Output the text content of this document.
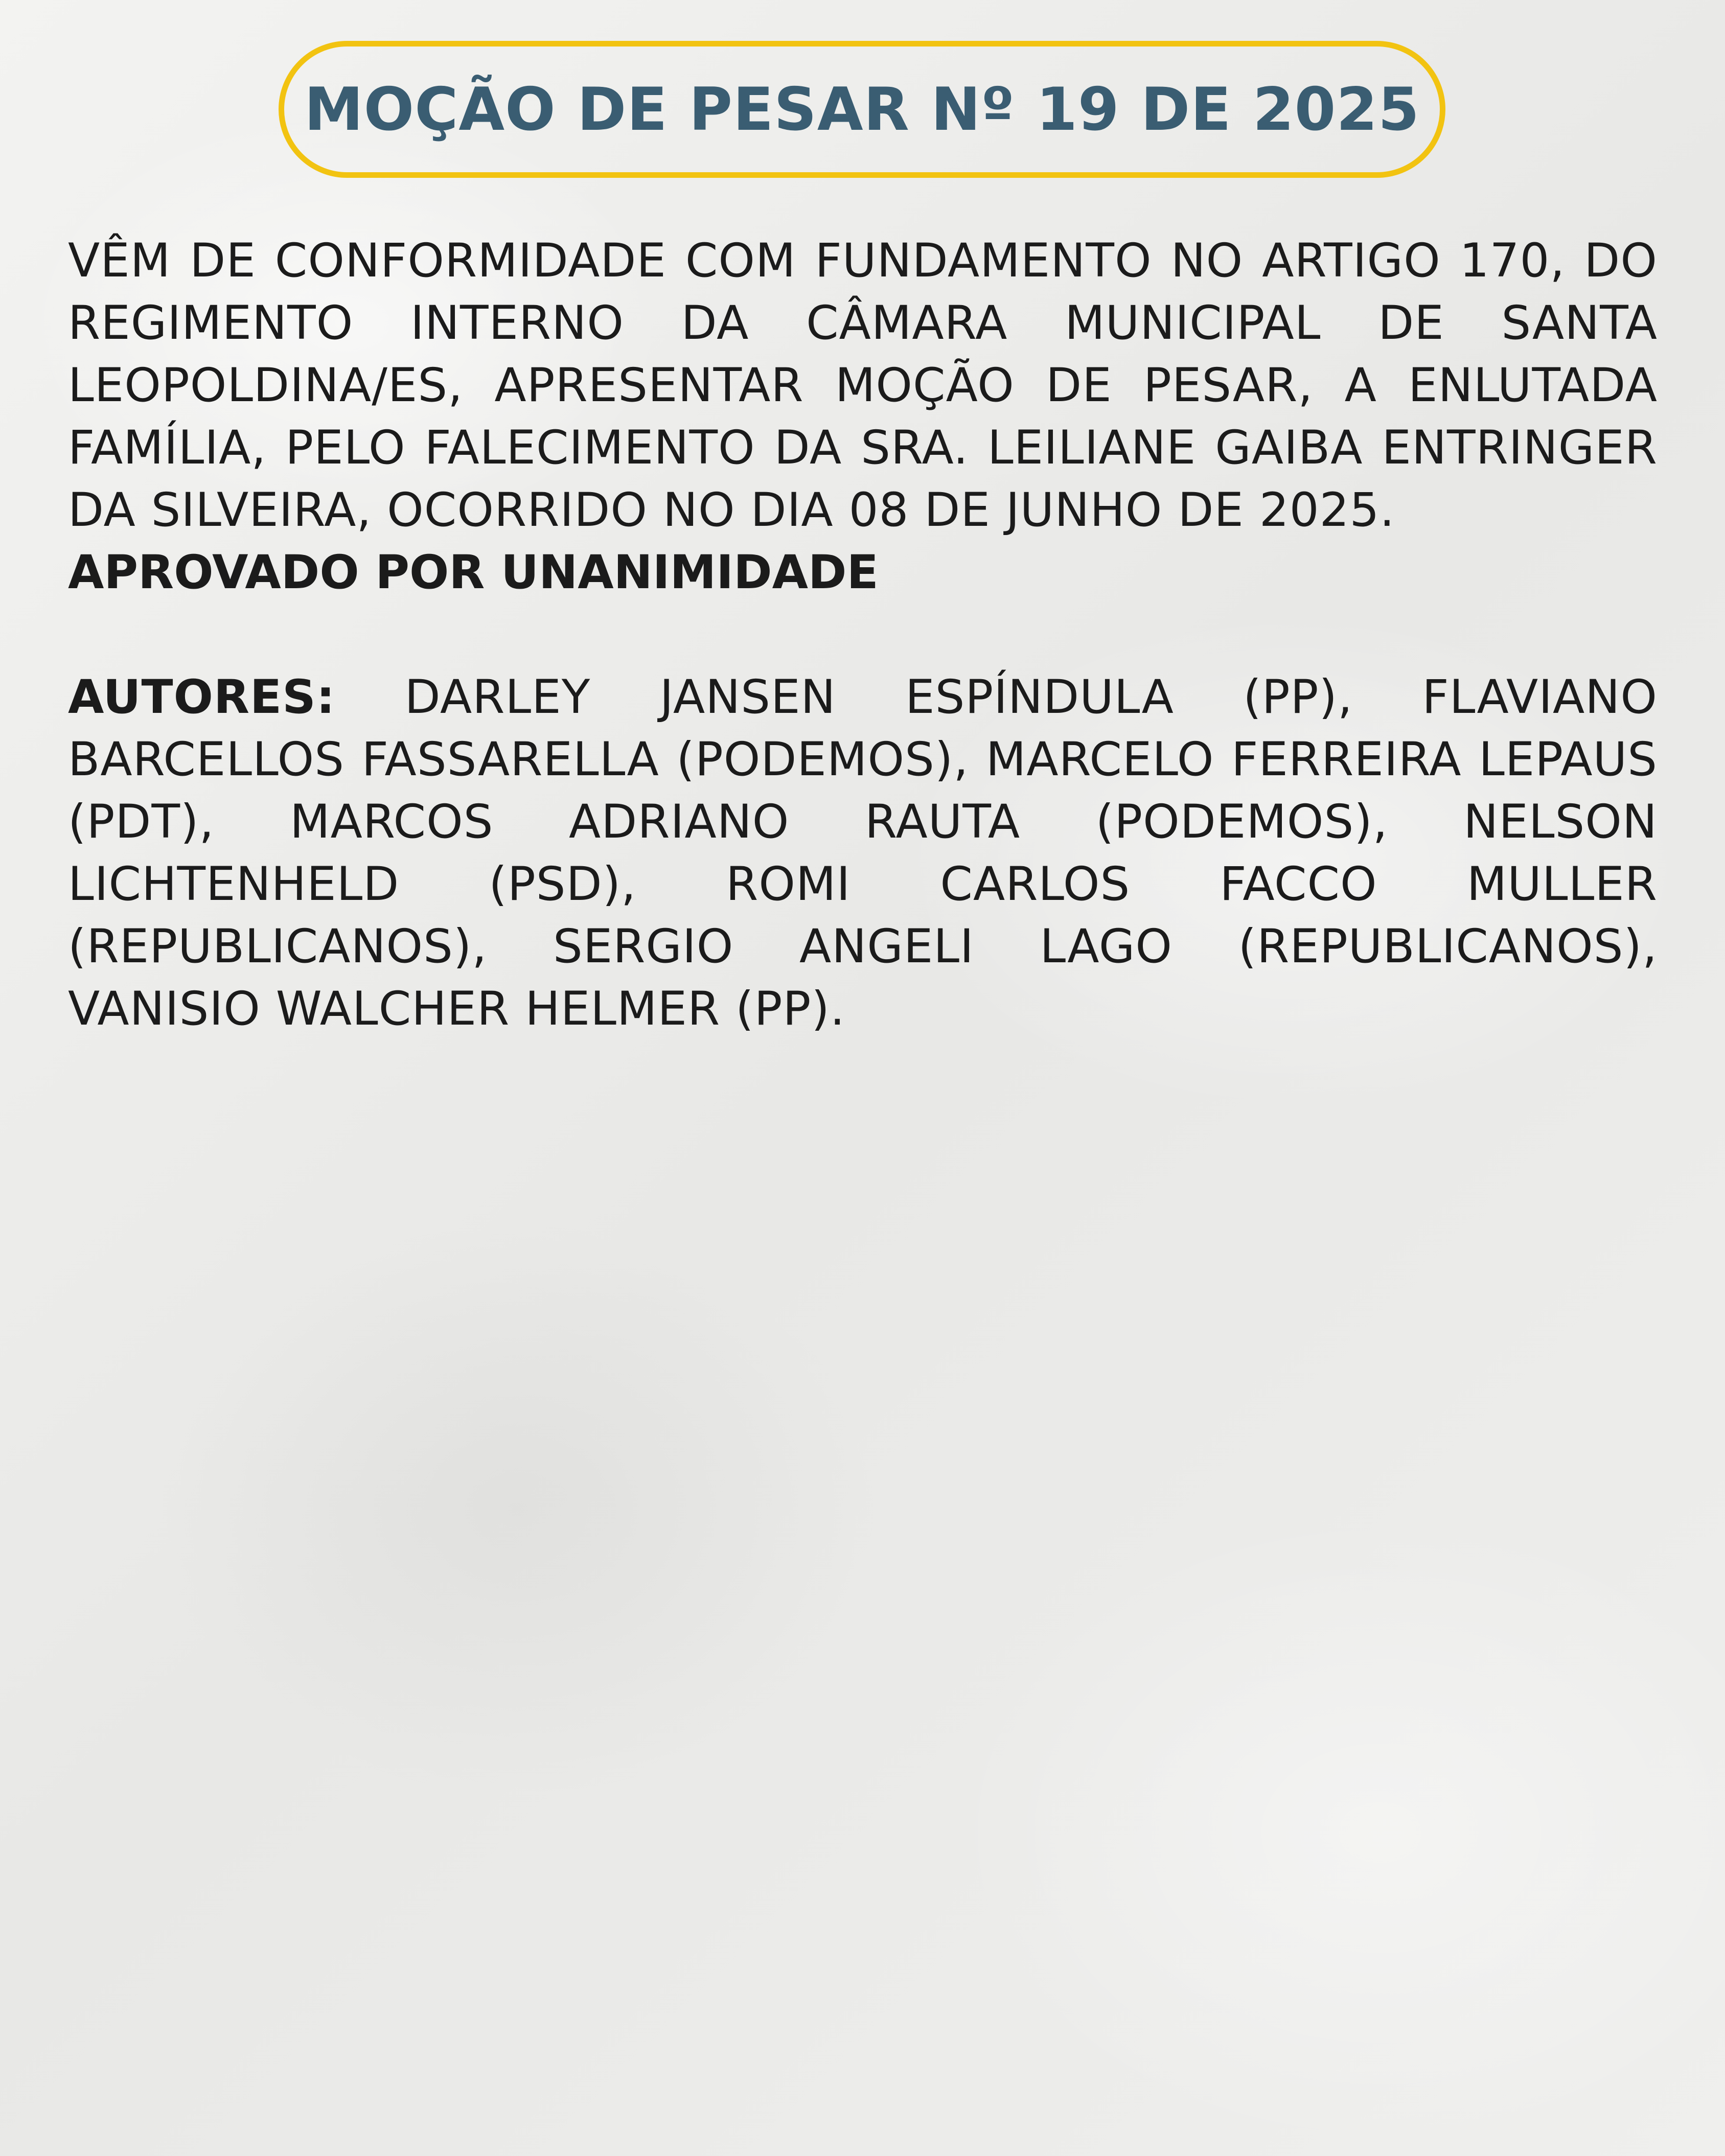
MOÇÃO DE PESAR Nº 19 DE 2025

VÊM DE CONFORMIDADE COM FUNDAMENTO NO ARTIGO 170, DO REGIMENTO INTERNO DA CÂMARA MUNICIPAL DE SANTA LEOPOLDINA/ES, APRESENTAR MOÇÃO DE PESAR, A ENLUTADA FAMÍLIA, PELO FALECIMENTO DA SRA. LEILIANE GAIBA ENTRINGER DA SILVEIRA, OCORRIDO NO DIA 08 DE JUNHO DE 2025.

APROVADO POR UNANIMIDADE

AUTORES: DARLEY JANSEN ESPÍNDULA (PP), FLAVIANO BARCELLOS FASSARELLA (PODEMOS), MARCELO FERREIRA LEPAUS (PDT), MARCOS ADRIANO RAUTA (PODEMOS), NELSON LICHTENHELD (PSD), ROMI CARLOS FACCO MULLER (REPUBLICANOS), SERGIO ANGELI LAGO (REPUBLICANOS), VANISIO WALCHER HELMER (PP).
